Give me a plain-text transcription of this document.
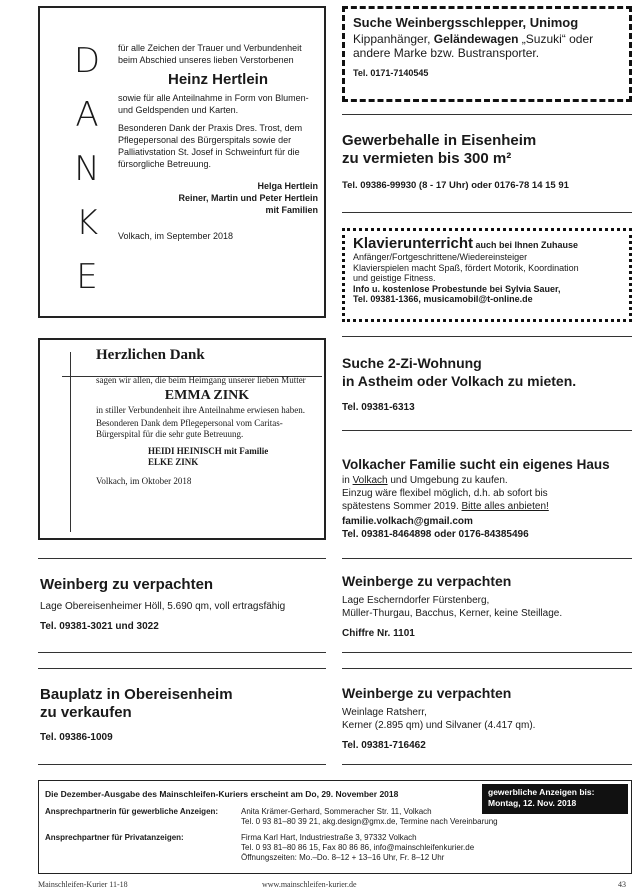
D
A
N
K
E
für alle Zeichen der Trauer und Verbundenheit beim Abschied unseres lieben Verstorbenen
Heinz Hertlein
sowie für alle Anteilnahme in Form von Blumen- und Geldspenden und Karten.
Besonderen Dank der Praxis Dres. Trost, dem Pflegepersonal des Bürgerspitals sowie der Palliativstation St. Josef in Schweinfurt für die fürsorgliche Betreuung.
Helga Hertlein
Reiner, Martin und Peter Hertlein
mit Familien
Volkach, im September 2018
Suche Weinbergsschlepper, Unimog
Kippanhänger, Geländewagen „Suzuki“ oder andere Marke bzw. Bustransporter.
Tel. 0171-7140545
Gewerbehalle in Eisenheim
zu vermieten bis 300 m²
Tel. 09386-99930 (8 - 17 Uhr) oder 0176-78 14 15 91
Klavierunterricht auch bei Ihnen Zuhause
Anfänger/Fortgeschrittene/Wiedereinsteiger
Klavierspielen macht Spaß, fördert Motorik, Koordination
und geistige Fitness.
Info u. kostenlose Probestunde bei Sylvia Sauer,
Tel. 09381-1366, musicamobil@t-online.de
Herzlichen Dank
sagen wir allen, die beim Heimgang unserer lieben Mutter
EMMA ZINK
in stiller Verbundenheit ihre Anteilnahme erwiesen haben.
Besonderen Dank dem Pflegepersonal vom Caritas-Bürgerspital für die sehr gute Betreuung.
HEIDI HEINISCH mit Familie
ELKE ZINK
Volkach, im Oktober 2018
Suche 2-Zi-Wohnung
in Astheim oder Volkach zu mieten.
Tel. 09381-6313
Volkacher Familie sucht ein eigenes Haus
in Volkach und Umgebung zu kaufen.
Einzug wäre flexibel möglich, d.h. ab sofort bis
spätestens Sommer 2019. Bitte alles anbieten!
familie.volkach@gmail.com
Tel. 09381-8464898 oder 0176-84385496
Weinberg zu verpachten
Lage Obereisenheimer Höll, 5.690 qm, voll ertragsfähig
Tel. 09381-3021 und 3022
Weinberge zu verpachten
Lage Escherndorfer Fürstenberg,
Müller-Thurgau, Bacchus, Kerner, keine Steillage.
Chiffre Nr. 1101
Bauplatz in Obereisenheim
zu verkaufen
Tel. 09386-1009
Weinberge zu verpachten
Weinlage Ratsherr,
Kerner (2.895 qm) und Silvaner (4.417 qm).
Tel. 09381-716462
Die Dezember-Ausgabe des Mainschleifen-Kuriers erscheint am Do, 29. November 2018	gewerbliche Anzeigen bis:
Montag, 12. Nov. 2018
Ansprechpartnerin für gewerbliche Anzeigen:	Anita Krämer-Gerhard, Sommeracher Str. 11, Volkach
Tel. 0 93 81–80 39 21, akg.design@gmx.de, Termine nach Vereinbarung
Ansprechpartner für Privatanzeigen:	Firma Karl Hart, Industriestraße 3, 97332 Volkach
Tel. 0 93 81–80 86 15, Fax 80 86 86, info@mainschleifenkurier.de
Öffnungszeiten: Mo.–Do. 8–12 + 13–16 Uhr, Fr. 8–12 Uhr
Mainschleifen-Kurier 11-18	www.mainschleifen-kurier.de	43
